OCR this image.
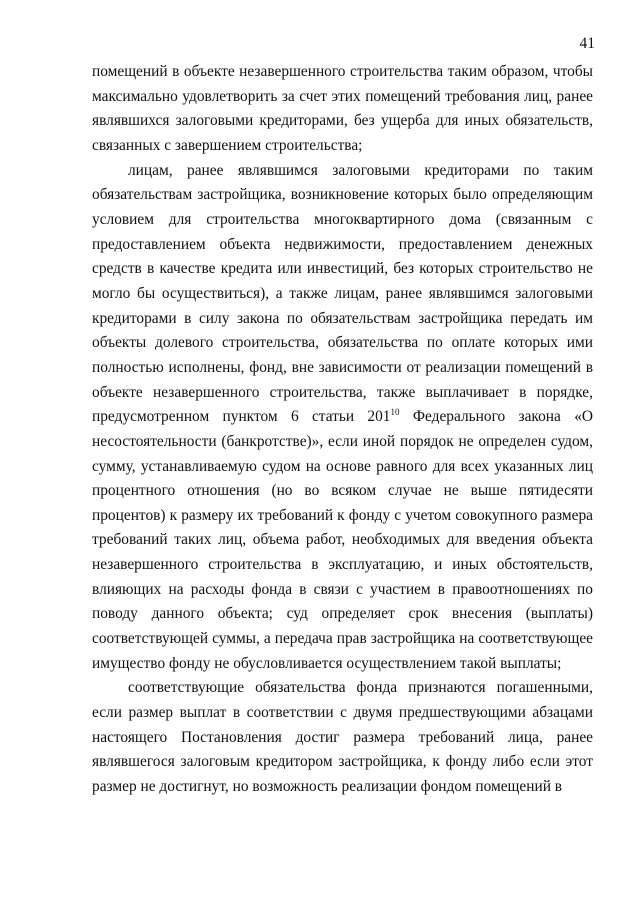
41

помещений в объекте незавершенного строительства таким образом, чтобы максимально удовлетворить за счет этих помещений требования лиц, ранее являвшихся залоговыми кредиторами, без ущерба для иных обязательств, связанных с завершением строительства;

лицам, ранее являвшимся залоговыми кредиторами по таким обязательствам застройщика, возникновение которых было определяющим условием для строительства многоквартирного дома (связанным с предоставлением объекта недвижимости, предоставлением денежных средств в качестве кредита или инвестиций, без которых строительство не могло бы осуществиться), а также лицам, ранее являвшимся залоговыми кредиторами в силу закона по обязательствам застройщика передать им объекты долевого строительства, обязательства по оплате которых ими полностью исполнены, фонд, вне зависимости от реализации помещений в объекте незавершенного строительства, также выплачивает в порядке, предусмотренном пунктом 6 статьи $201^{10}$ Федерального закона «О несостоятельности (банкротстве)», если иной порядок не определен судом, сумму, устанавливаемую судом на основе равного для всех указанных лиц процентного отношения (но во всяком случае не выше пятидесяти процентов) к размеру их требований к фонду с учетом совокупного размера требований таких лиц, объема работ, необходимых для введения объекта незавершенного строительства в эксплуатацию, и иных обстоятельств, влияющих на расходы фонда в связи с участием в правоотношениях по поводу данного объекта; суд определяет срок внесения (выплаты) соответствующей суммы, а передача прав застройщика на соответствующее имущество фонду не обусловливается осуществлением такой выплаты;

соответствующие обязательства фонда признаются погашенными, если размер выплат в соответствии с двумя предшествующими абзацами настоящего Постановления достиг размера требований лица, ранее являвшегося залоговым кредитором застройщика, к фонду либо если этот размер не достигнут, но возможность реализации фондом помещений в
